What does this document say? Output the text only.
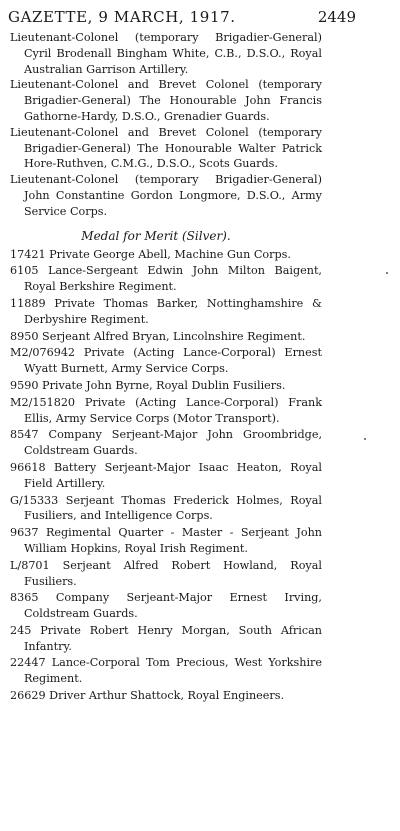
GAZETTE, 9 MARCH, 1917.	2449

Lieutenant-Colonel (temporary Brigadier-General) Cyril Brodenall Bingham White, C.B., D.S.O., Royal Australian Garrison Artillery.

Lieutenant-Colonel and Brevet Colonel (temporary Brigadier-General) The Honourable John Francis Gathorne-Hardy, D.S.O., Grenadier Guards.

Lieutenant-Colonel and Brevet Colonel (temporary Brigadier-General) The Honourable Walter Patrick Hore-Ruthven, C.M.G., D.S.O., Scots Guards.

Lieutenant-Colonel (temporary Brigadier-General) John Constantine Gordon Longmore, D.S.O., Army Service Corps.

Medal for Merit (Silver).

17421 Private George Abell, Machine Gun Corps.

6105 Lance-Sergeant Edwin John Milton Baigent, Royal Berkshire Regiment.

11889 Private Thomas Barker, Nottinghamshire & Derbyshire Regiment.

8950 Serjeant Alfred Bryan, Lincolnshire Regiment.

M2/076942 Private (Acting Lance-Corporal) Ernest Wyatt Burnett, Army Service Corps.

9590 Private John Byrne, Royal Dublin Fusiliers.

M2/151820 Private (Acting Lance-Corporal) Frank Ellis, Army Service Corps (Motor Transport).

8547 Company Serjeant-Major John Groombridge, Coldstream Guards.

96618 Battery Serjeant-Major Isaac Heaton, Royal Field Artillery.

G/15333 Serjeant Thomas Frederick Holmes, Royal Fusiliers, and Intelligence Corps.

9637 Regimental Quarter - Master - Serjeant John William Hopkins, Royal Irish Regiment.

L/8701 Serjeant Alfred Robert Howland, Royal Fusiliers.

8365 Company Serjeant-Major Ernest Irving, Coldstream Guards.

245 Private Robert Henry Morgan, South African Infantry.

22447 Lance-Corporal Tom Precious, West Yorkshire Regiment.

26629 Driver Arthur Shattock, Royal Engineers.
